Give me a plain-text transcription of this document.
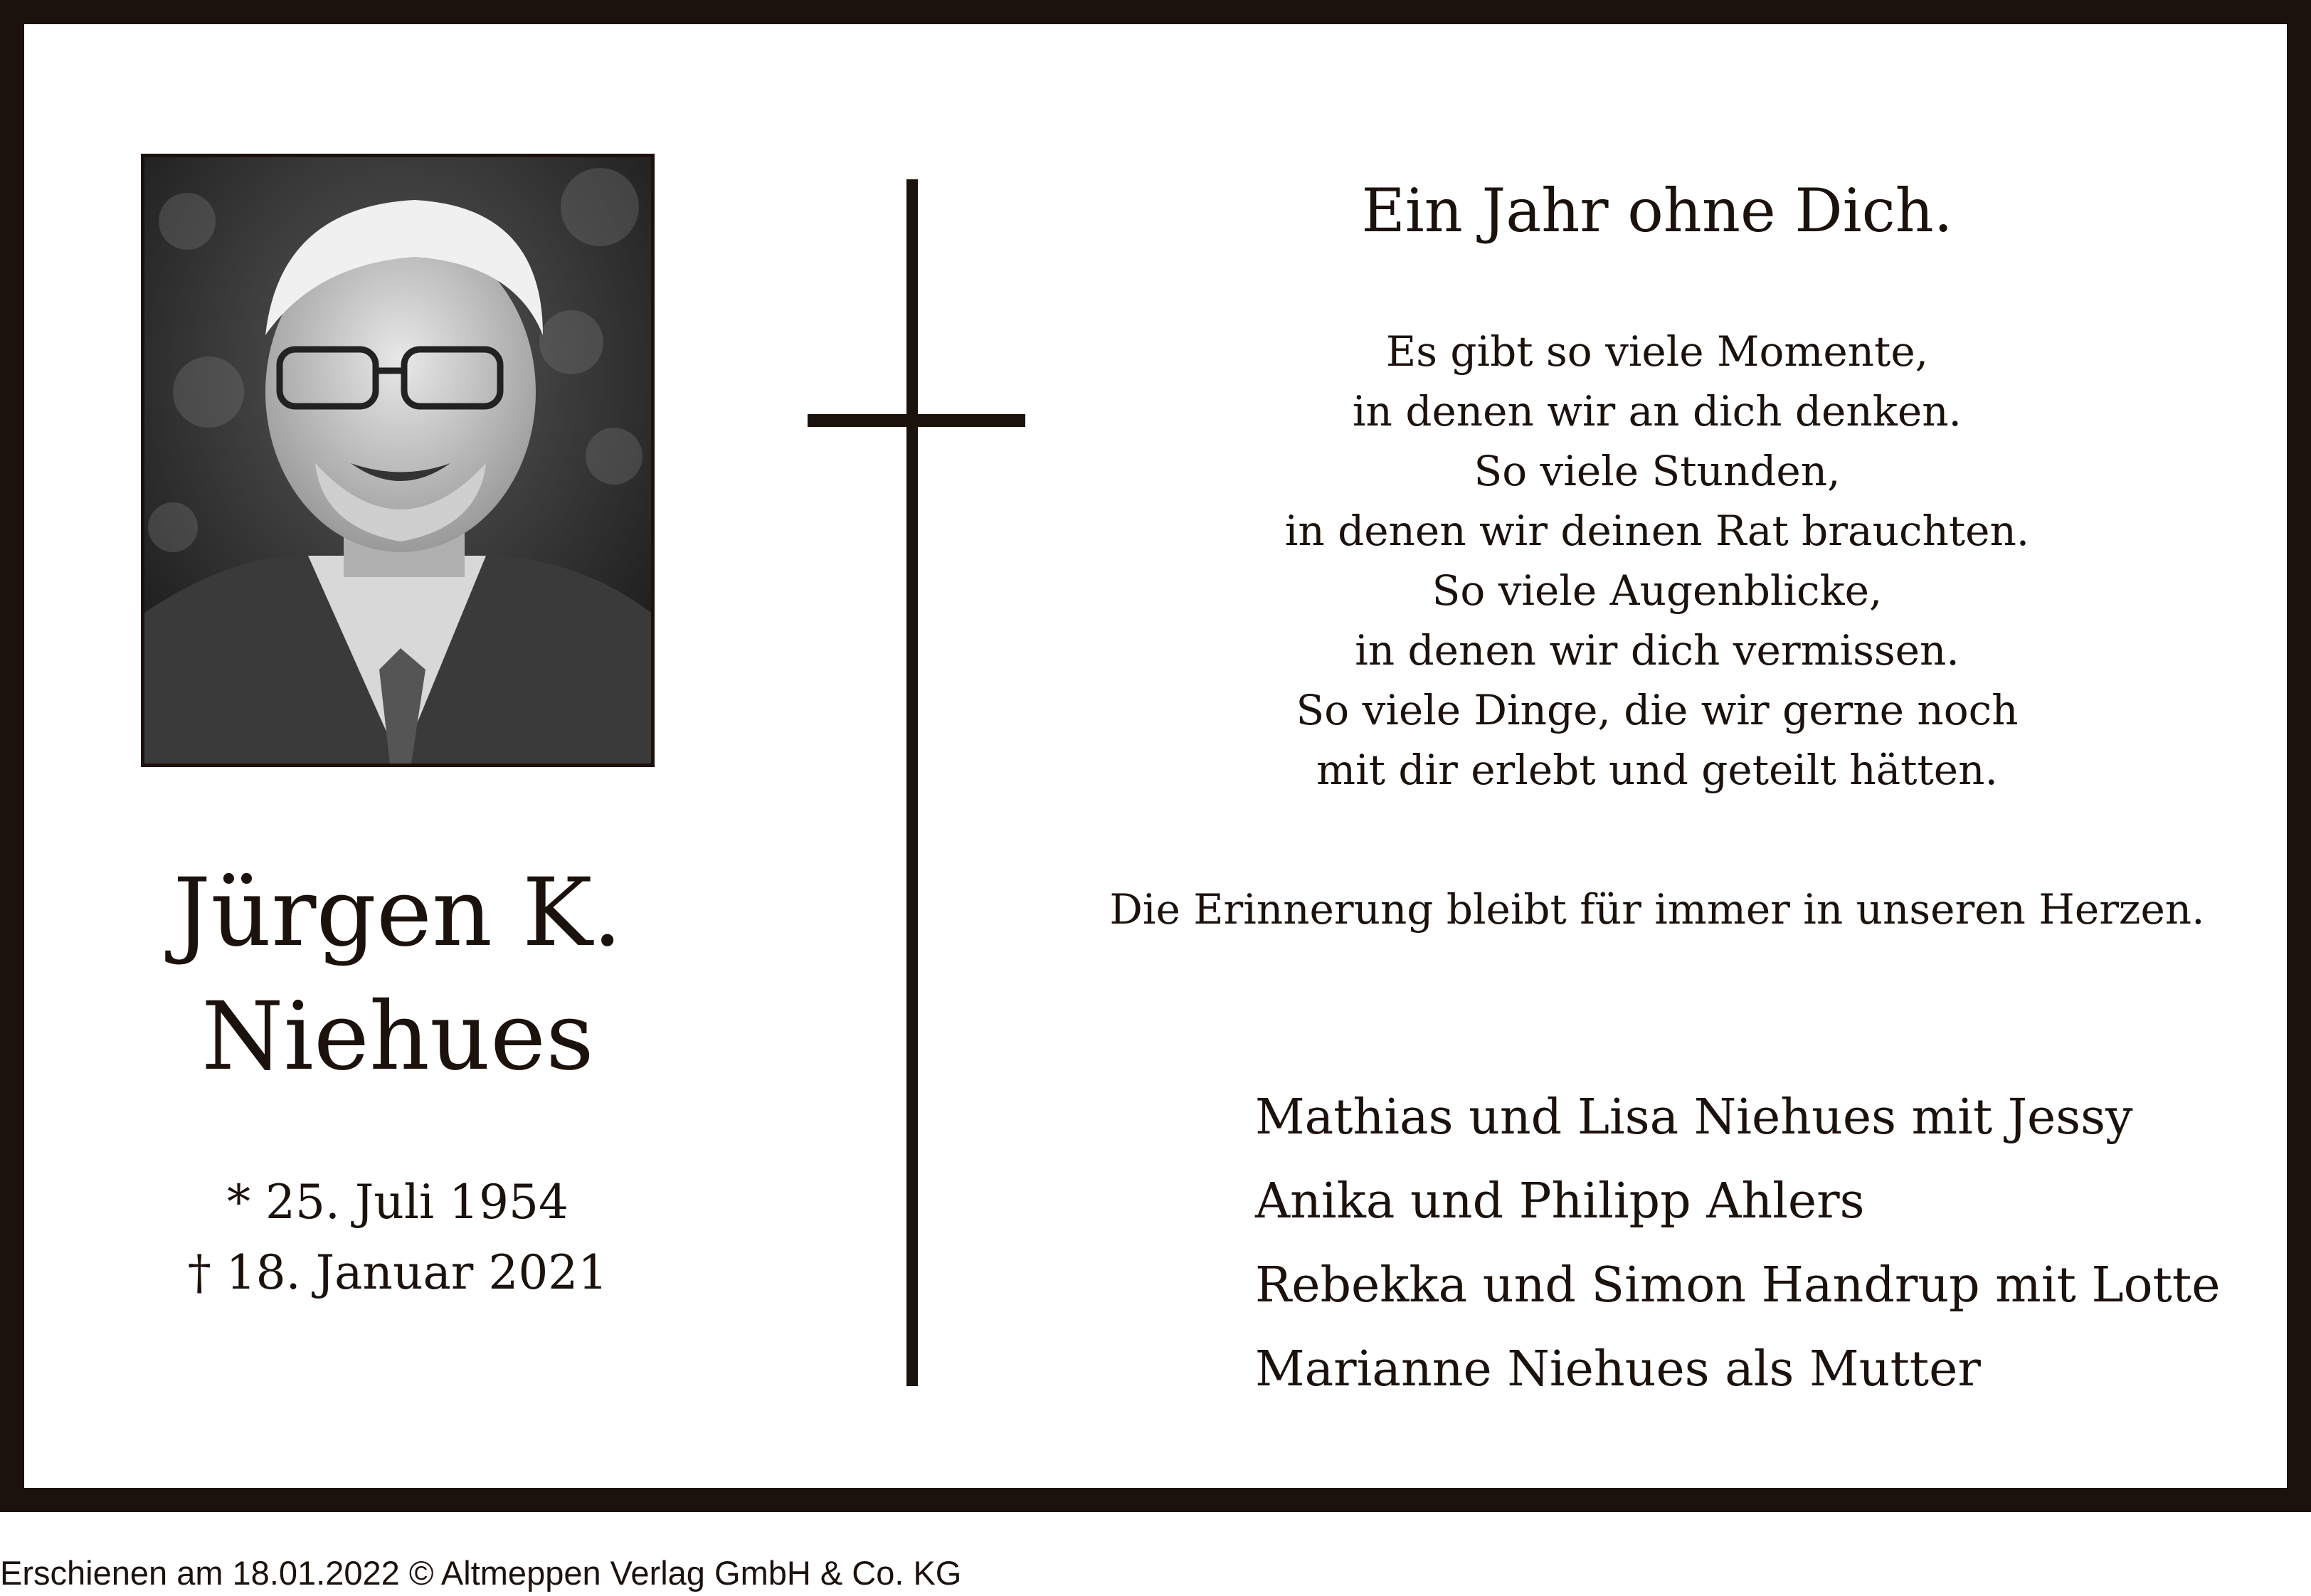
Jürgen K.
Niehues
* 25. Juli 1954
† 18. Januar 2021
Ein Jahr ohne Dich.
Es gibt so viele Momente,
in denen wir an dich denken.
So viele Stunden,
in denen wir deinen Rat brauchten.
So viele Augenblicke,
in denen wir dich vermissen.
So viele Dinge, die wir gerne noch
mit dir erlebt und geteilt hätten.
Die Erinnerung bleibt für immer in unseren Herzen.
Mathias und Lisa Niehues mit Jessy
Anika und Philipp Ahlers
Rebekka und Simon Handrup mit Lotte
Marianne Niehues als Mutter
Erschienen am 18.01.2022 © Altmeppen Verlag GmbH & Co. KG
